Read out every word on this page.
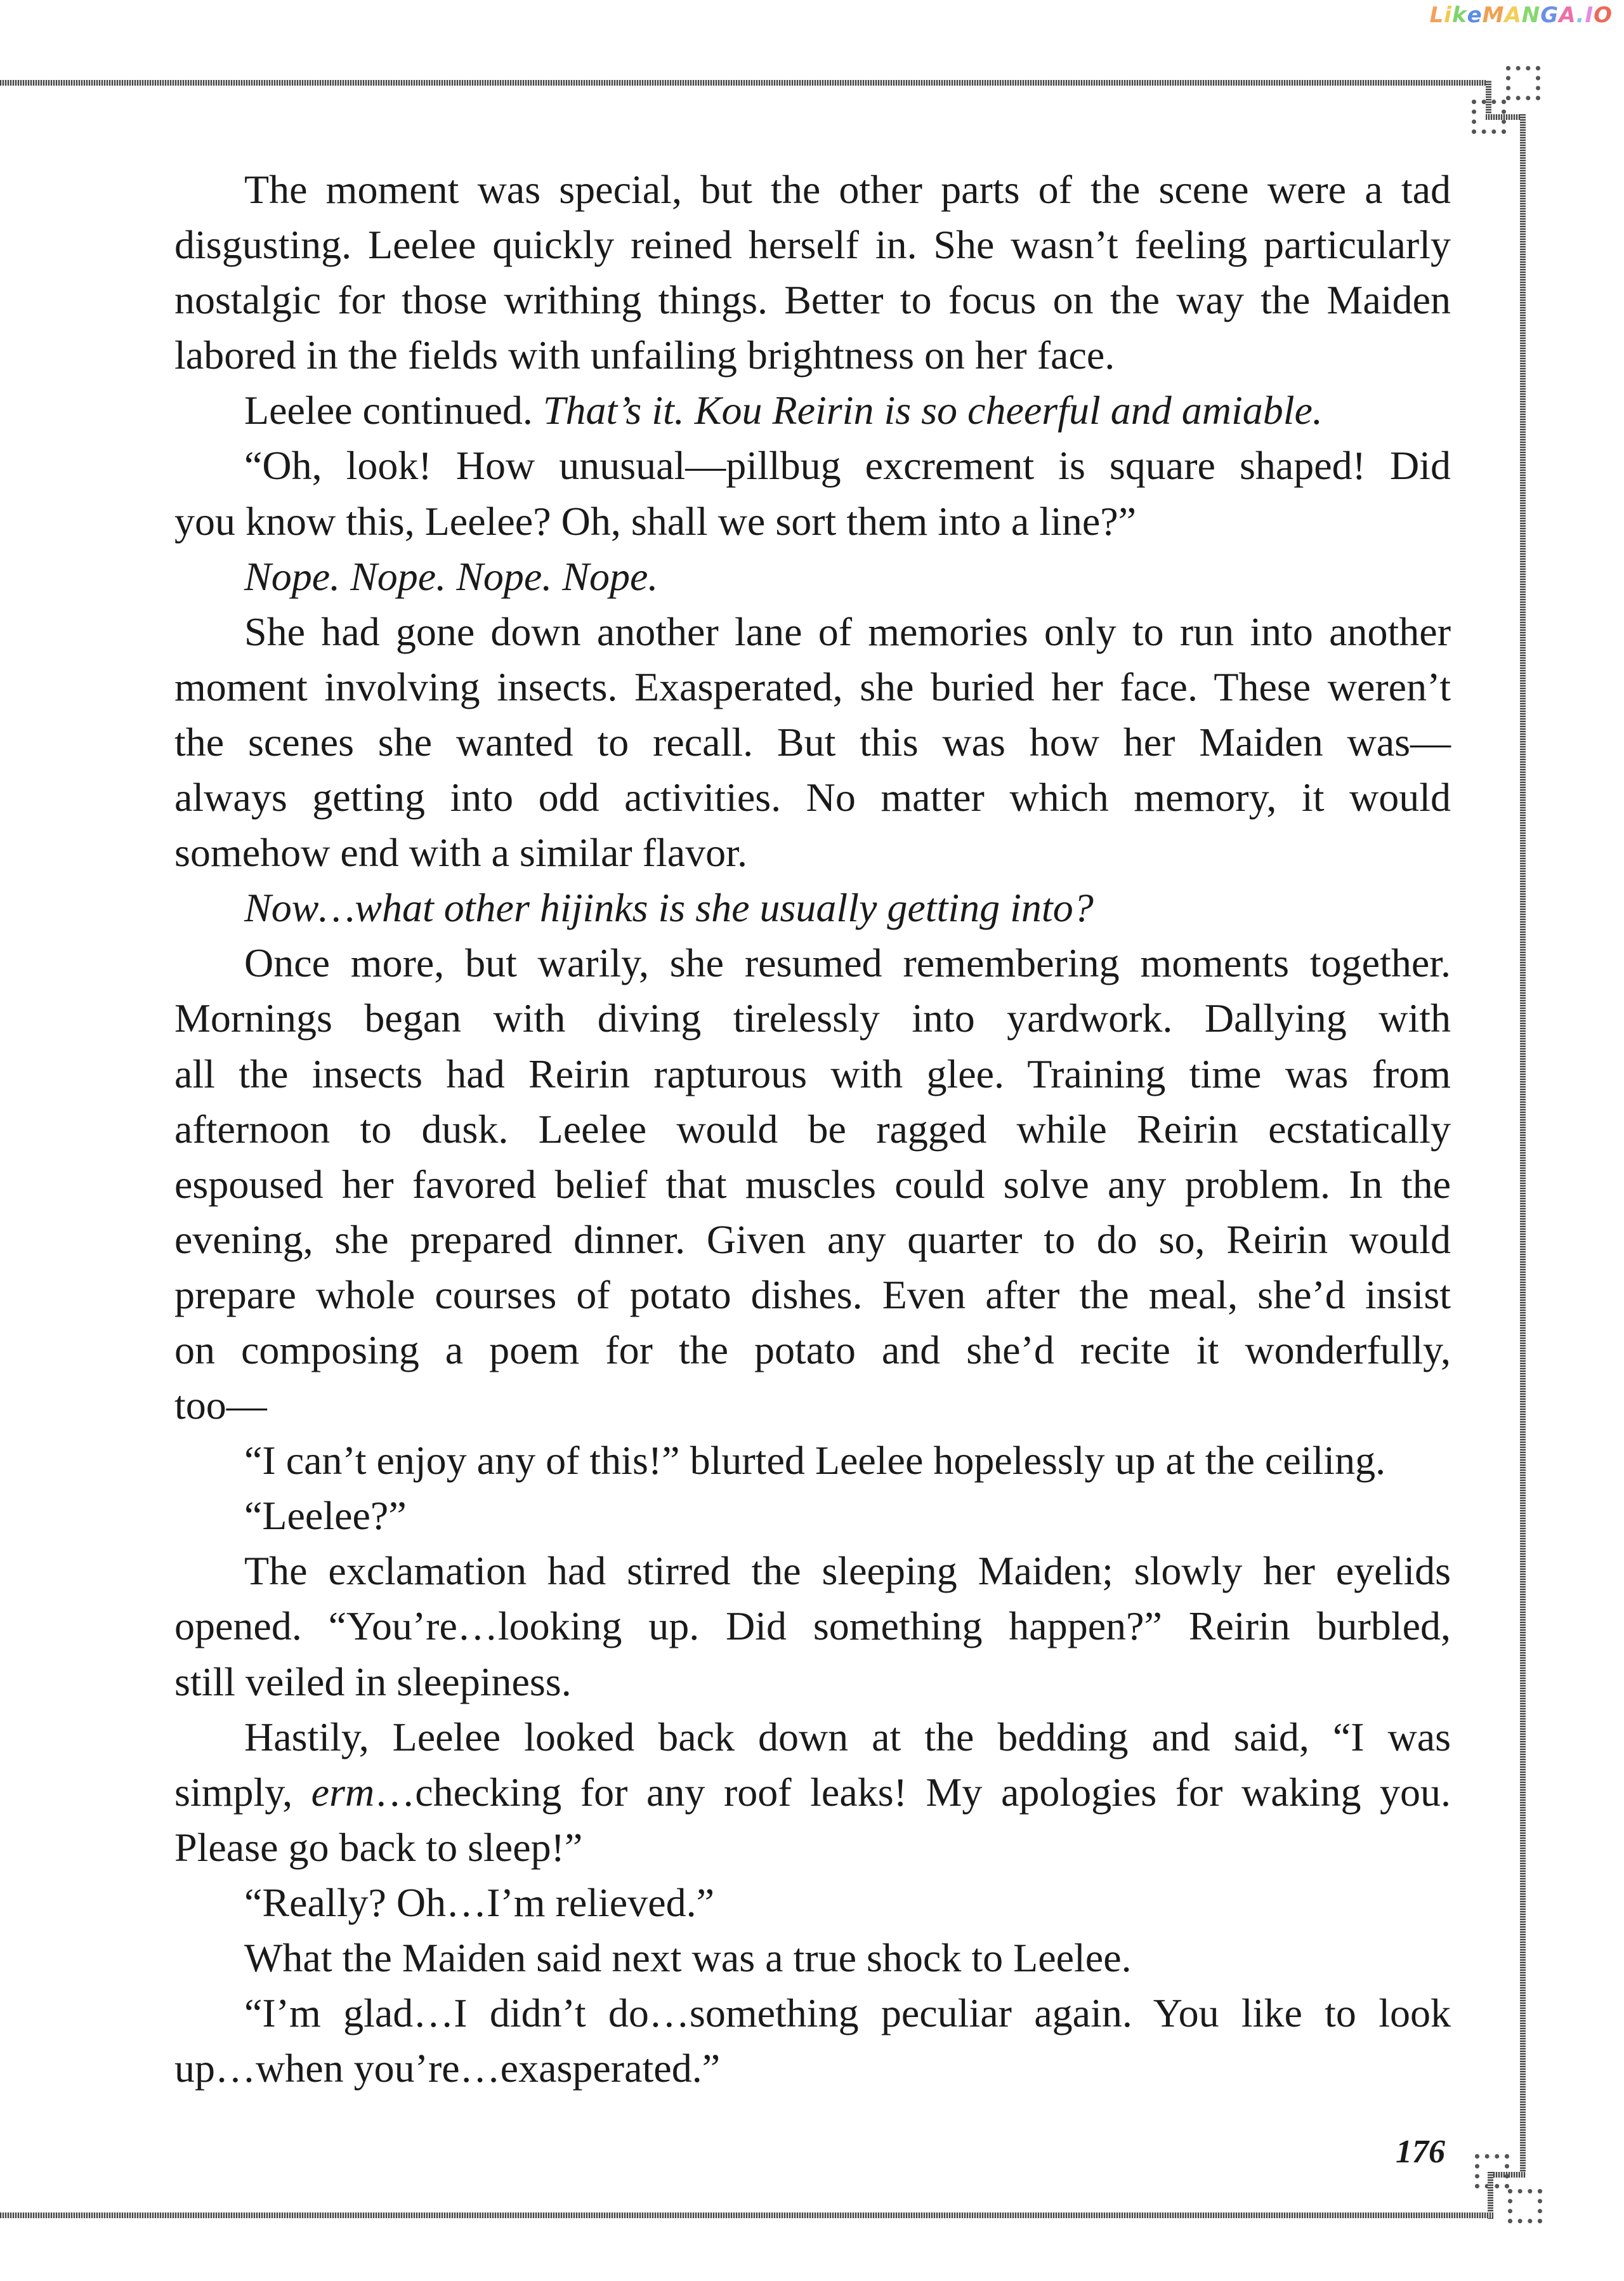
LikeMANGA.IO
The moment was special, but the other parts of the scene were a tad
disgusting. Leelee quickly reined herself in. She wasn’t feeling particularly
nostalgic for those writhing things. Better to focus on the way the Maiden
labored in the fields with unfailing brightness on her face.
Leelee continued. That’s it. Kou Reirin is so cheerful and amiable.
“Oh, look! How unusual—pillbug excrement is square shaped! Did
you know this, Leelee? Oh, shall we sort them into a line?”
Nope. Nope. Nope. Nope.
She had gone down another lane of memories only to run into another
moment involving insects. Exasperated, she buried her face. These weren’t
the scenes she wanted to recall. But this was how her Maiden was—
always getting into odd activities. No matter which memory, it would
somehow end with a similar flavor.
Now…what other hijinks is she usually getting into?
Once more, but warily, she resumed remembering moments together.
Mornings began with diving tirelessly into yardwork. Dallying with
all the insects had Reirin rapturous with glee. Training time was from
afternoon to dusk. Leelee would be ragged while Reirin ecstatically
espoused her favored belief that muscles could solve any problem. In the
evening, she prepared dinner. Given any quarter to do so, Reirin would
prepare whole courses of potato dishes. Even after the meal, she’d insist
on composing a poem for the potato and she’d recite it wonderfully,
too—
“I can’t enjoy any of this!” blurted Leelee hopelessly up at the ceiling.
“Leelee?”
The exclamation had stirred the sleeping Maiden; slowly her eyelids
opened. “You’re…looking up. Did something happen?” Reirin burbled,
still veiled in sleepiness.
Hastily, Leelee looked back down at the bedding and said, “I was
simply, erm…checking for any roof leaks! My apologies for waking you.
Please go back to sleep!”
“Really? Oh…I’m relieved.”
What the Maiden said next was a true shock to Leelee.
“I’m glad…I didn’t do…something peculiar again. You like to look
up…when you’re…exasperated.”
176
